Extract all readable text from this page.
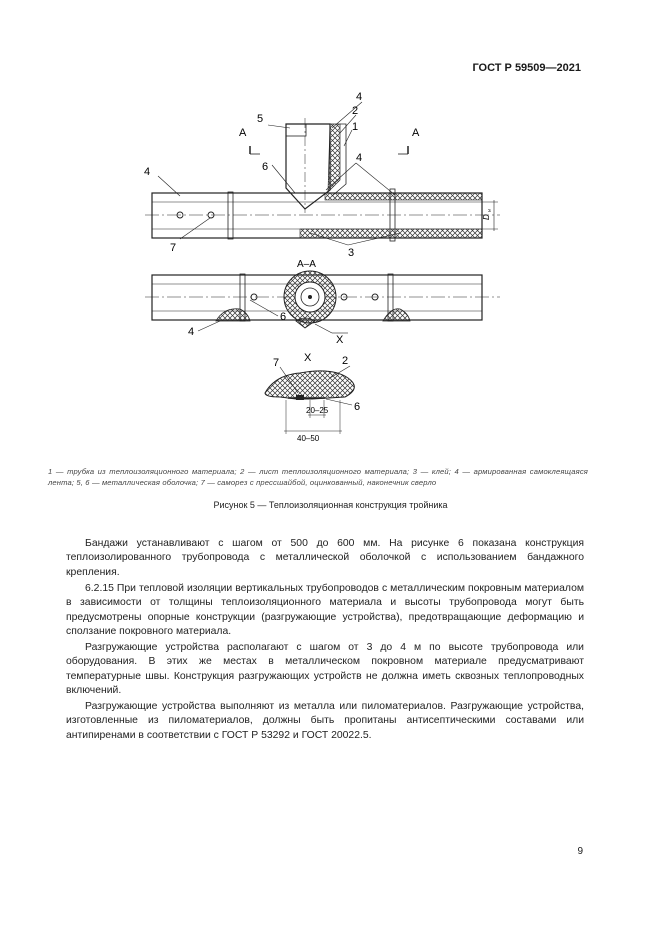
ГОСТ Р 59509—2021
А	А
D
н
5
4
2
1
6
4
4
7	3
А–А
4
6
X
X
7	2
6
20–25
40–50
1 — трубка из теплоизоляционного материала; 2 — лист теплоизоляционного материала; 3 — клей; 4 — армированная самоклеящаяся лента; 5, 6 — металлическая оболочка; 7 — саморез с прессшайбой, оцинкованный, наконечник сверло
Рисунок 5 — Теплоизоляционная конструкция тройника

Бандажи устанавливают с шагом от 500 до 600 мм. На рисунке 6 показана конструкция теплоизолированного трубопровода с металлической оболочкой с использованием бандажного крепления.

6.2.15 При тепловой изоляции вертикальных трубопроводов с металлическим покровным материалом в зависимости от толщины теплоизоляционного материала и высоты трубопровода могут быть предусмотрены опорные конструкции (разгружающие устройства), предотвращающие деформацию и сползание покровного материала.

Разгружающие устройства располагают с шагом от 3 до 4 м по высоте трубопровода или оборудования. В этих же местах в металлическом покровном материале предусматривают температурные швы. Конструкция разгружающих устройств не должна иметь сквозных теплопроводных включений.

Разгружающие устройства выполняют из металла или пиломатериалов. Разгружающие устройства, изготовленные из пиломатериалов, должны быть пропитаны антисептическими составами или антипиренами в соответствии с ГОСТ Р 53292 и ГОСТ 20022.5.

9
